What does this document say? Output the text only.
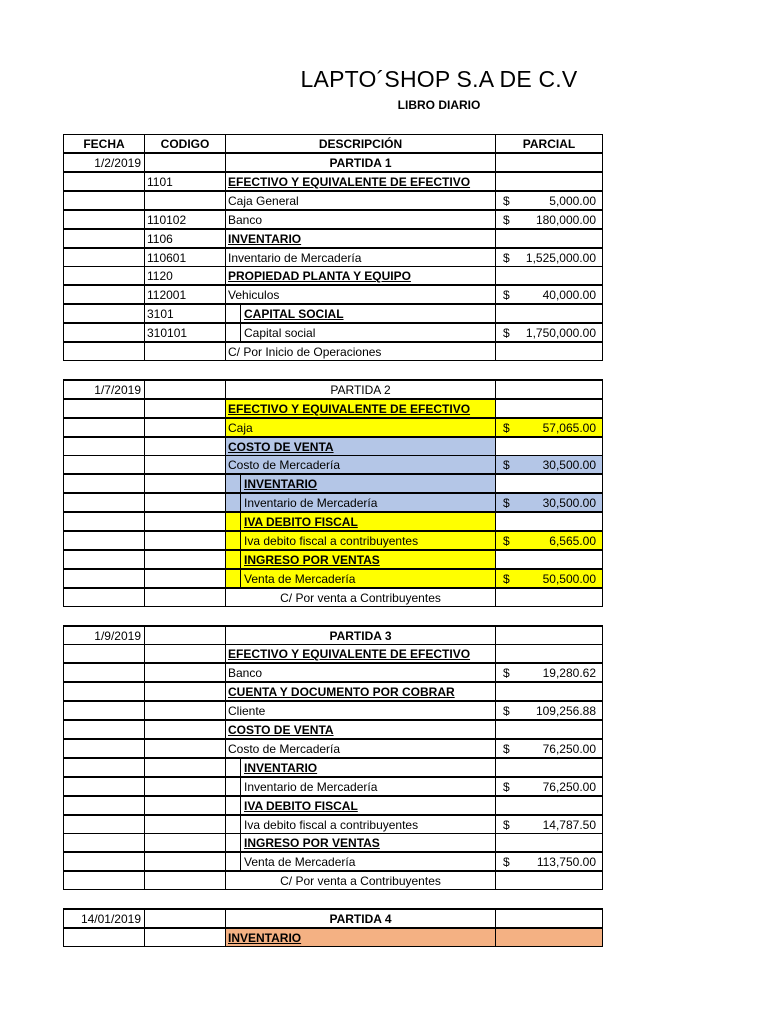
LAPTO´SHOP S.A DE C.V
LIBRO DIARIO
FECHA	CODIGO	DESCRIPCIÓN	PARCIAL
1/2/2019	PARTIDA 1
1101	EFECTIVO Y EQUIVALENTE DE EFECTIVO
Caja General	$	5,000.00
110102	Banco	$ 180,000.00
1106	INVENTARIO
110601	Inventario de Mercadería	$ 1,525,000.00
1120	PROPIEDAD PLANTA Y EQUIPO
112001	Vehiculos	$	40,000.00
3101	CAPITAL SOCIAL
310101	Capital social	$ 1,750,000.00
C/ Por Inicio de Operaciones
1/7/2019	PARTIDA 2
EFECTIVO Y EQUIVALENTE DE EFECTIVO
Caja	$	57,065.00
COSTO DE VENTA
Costo de Mercadería	$	30,500.00
INVENTARIO
Inventario de Mercadería	$	30,500.00
IVA DEBITO FISCAL
Iva debito fiscal a contribuyentes	$	6,565.00
INGRESO POR VENTAS
Venta de Mercadería	$	50,500.00
C/ Por venta a Contribuyentes
1/9/2019	PARTIDA 3
EFECTIVO Y EQUIVALENTE DE EFECTIVO
Banco	$	19,280.62
CUENTA Y DOCUMENTO POR COBRAR
Cliente	$ 109,256.88
COSTO DE VENTA
Costo de Mercadería	$	76,250.00
INVENTARIO
Inventario de Mercadería	$	76,250.00
IVA DEBITO FISCAL
Iva debito fiscal a contribuyentes	$	14,787.50
INGRESO POR VENTAS
Venta de Mercadería	$ 113,750.00
C/ Por venta a Contribuyentes
14/01/2019	PARTIDA 4
INVENTARIO
